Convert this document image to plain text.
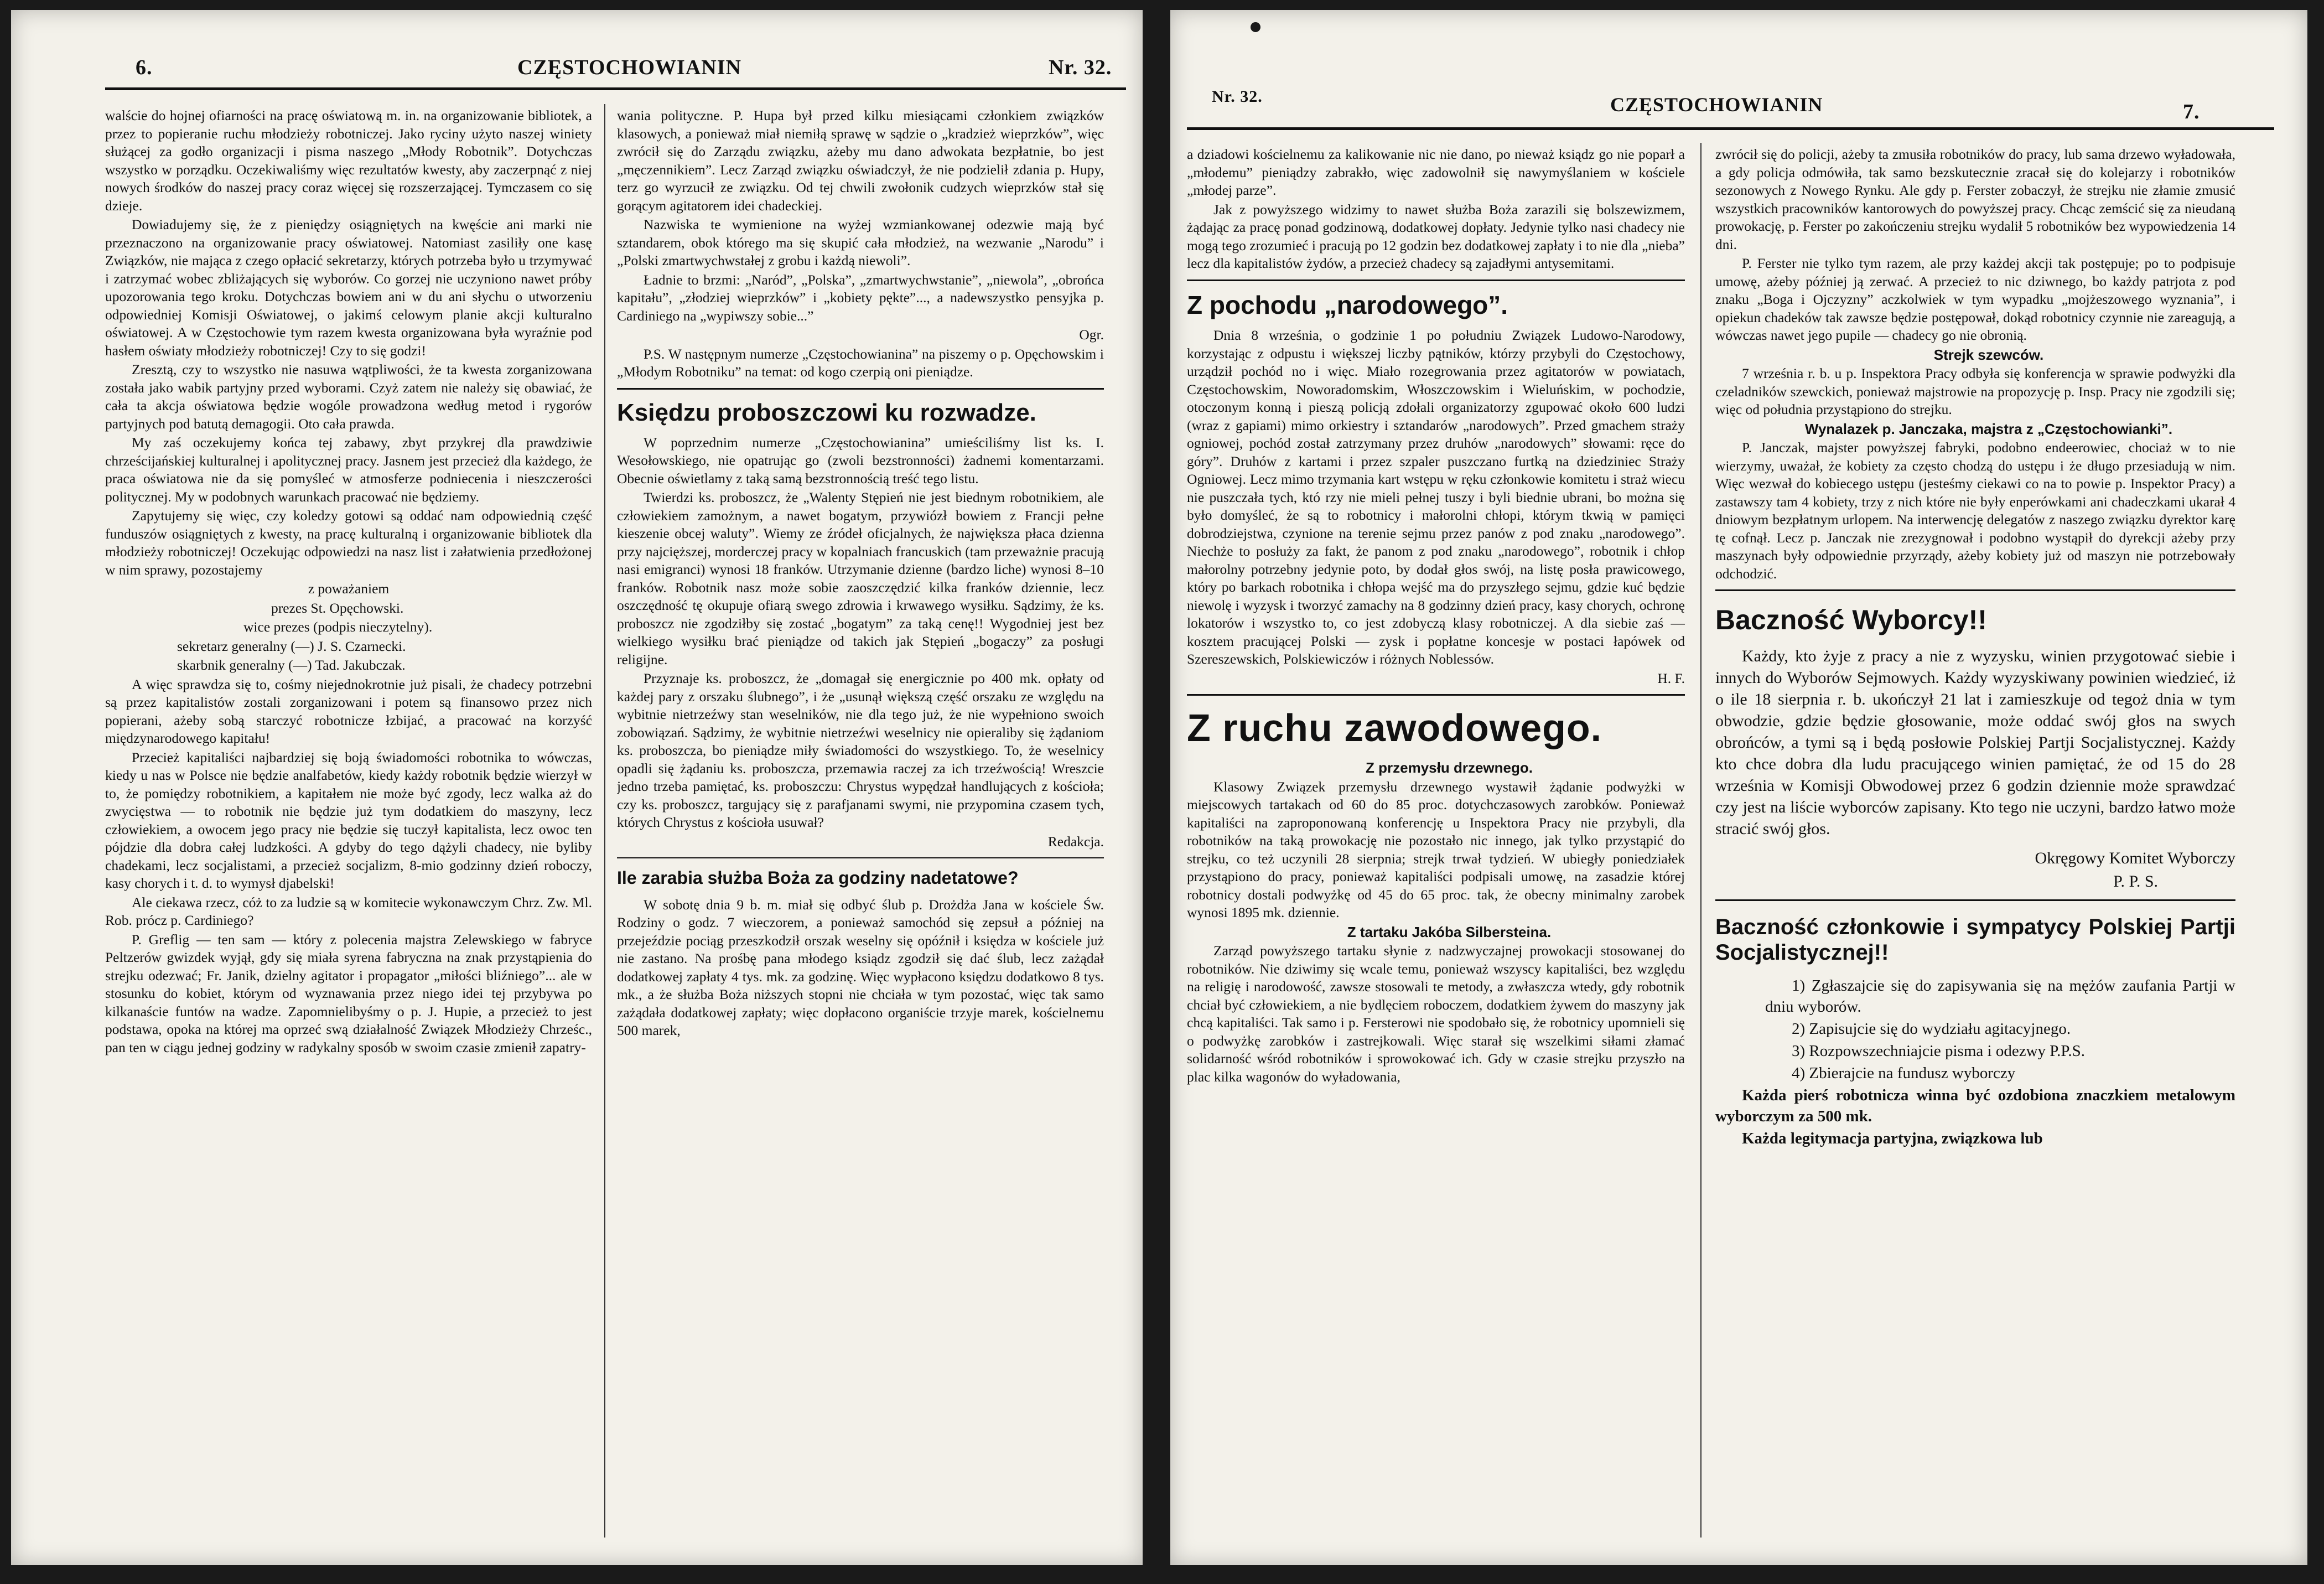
6.	CZĘSTOCHOWIANIN	Nr. 32.

walście do hojnej ofiarności na pracę oświatową m. in. na organizowanie bibliotek, a przez to popieranie ruchu młodzieży robotniczej. Jako ryciny użyto naszej winiety służącej za godło organizacji i pisma naszego „Młody Robotnik”. Dotychczas wszystko w porządku. Oczekiwaliśmy więc rezultatów kwesty, aby zaczerpnąć z niej nowych środków do naszej pracy coraz więcej się rozszerzającej. Tymczasem co się dzieje.

Dowiadujemy się, że z pieniędzy osiągniętych na kwęście ani marki nie przeznaczono na organizowanie pracy oświatowej. Natomiast zasiliły one kasę Związków, nie mająca z czego opłacić sekretarzy, których potrzeba było u trzymywać i zatrzymać wobec zbliżających się wyborów. Co gorzej nie uczyniono nawet próby upozorowania tego kroku. Dotychczas bowiem ani w du ani słychu o utworzeniu odpowiedniej Komisji Oświatowej, o jakimś celowym planie akcji kulturalno oświatowej. A w Częstochowie tym razem kwesta organizowana była wyraźnie pod hasłem oświaty młodzieży robotniczej! Czy to się godzi!

Zresztą, czy to wszystko nie nasuwa wątpliwości, że ta kwesta zorganizowana została jako wabik partyjny przed wyborami. Czyż zatem nie należy się obawiać, że cała ta akcja oświatowa będzie wogóle prowadzona według metod i rygorów partyjnych pod batutą demagogii. Oto cała prawda.

My zaś oczekujemy końca tej zabawy, zbyt przykrej dla prawdziwie chrześcijańskiej kulturalnej i apolitycznej pracy. Jasnem jest przecież dla każdego, że praca oświatowa nie da się pomyśleć w atmosferze podniecenia i nieszczerości politycznej. My w podobnych warunkach pracować nie będziemy.

Zapytujemy się więc, czy koledzy gotowi są oddać nam odpowiednią część funduszów osiągniętych z kwesty, na pracę kulturalną i organizowanie bibliotek dla młodzieży robotniczej! Oczekując odpowiedzi na nasz list i załatwienia przedłożonej w nim sprawy, pozostajemy

z poważaniem

prezes St. Opęchowski.

wice prezes (podpis nieczytelny).

sekretarz generalny (—) J. S. Czarnecki.

skarbnik generalny (—) Tad. Jakubczak.

A więc sprawdza się to, cośmy niejednokrotnie już pisali, że chadecy potrzebni są przez kapitalistów zostali zorganizowani i potem są finansowo przez nich popierani, ażeby sobą starczyć robotnicze łzbijać, a pracować na korzyść międzynarodowego kapitału!

Przecież kapitaliści najbardziej się boją świadomości robotnika to wówczas, kiedy u nas w Polsce nie będzie analfabetów, kiedy każdy robotnik będzie wierzył w to, że pomiędzy robotnikiem, a kapitałem nie może być zgody, lecz walka aż do zwycięstwa — to robotnik nie będzie już tym dodatkiem do maszyny, lecz człowiekiem, a owocem jego pracy nie będzie się tuczył kapitalista, lecz owoc ten pójdzie dla dobra całej ludzkości. A gdyby do tego dążyli chadecy, nie byliby chadekami, lecz socjalistami, a przecież socjalizm, 8-mio godzinny dzień roboczy, kasy chorych i t. d. to wymysł djabelski!

Ale ciekawa rzecz, cóż to za ludzie są w komitecie wykonawczym Chrz. Zw. Ml. Rob. prócz p. Cardiniego?

P. Greflig — ten sam — który z polecenia majstra Zelewskiego w fabryce Peltzerów gwizdek wyjął, gdy się miała syrena fabryczna na znak przystąpienia do strejku odezwać; Fr. Janik, dzielny agitator i propagator „miłości bliźniego”... ale w stosunku do kobiet, którym od wyznawania przez niego idei tej przybywa po kilkanaście funtów na wadze. Zapomnielibyśmy o p. J. Hupie, a przecież to jest podstawa, opoka na której ma oprzeć swą działalność Związek Młodzieży Chrześc., pan ten w ciągu jednej godziny w radykalny sposób w swoim czasie zmienił zapatry-

wania polityczne. P. Hupa był przed kilku miesiącami członkiem związków klasowych, a ponieważ miał niemiłą sprawę w sądzie o „kradzież wieprzków”, więc zwrócił się do Zarządu związku, ażeby mu dano adwokata bezpłatnie, bo jest „męczennikiem”. Lecz Zarząd związku oświadczył, że nie podzielił zdania p. Hupy, terz go wyrzucił ze związku. Od tej chwili zwołonik cudzych wieprzków stał się gorącym agitatorem idei chadeckiej.

Nazwiska te wymienione na wyżej wzmiankowanej odezwie mają być sztandarem, obok którego ma się skupić cała młodzież, na wezwanie „Narodu” i „Polski zmartwychwstałej z grobu i każdą niewoli”.

Ładnie to brzmi: „Naród”, „Polska”, „zmartwychwstanie”, „niewola”, „obrońca kapitału”, „złodziej wieprzków” i „kobiety pękte”..., a nadewszystko pensyjka p. Cardiniego na „wypiwszy sobie...”

Ogr.

P.S. W następnym numerze „Częstochowianina” na piszemy o p. Opęchowskim i „Młodym Robotniku” na temat: od kogo czerpią oni pieniądze.

Księdzu proboszczowi ku rozwadze.

W poprzednim numerze „Częstochowianina” umieściliśmy list ks. I. Wesołowskiego, nie opatrując go (zwoli bezstronności) żadnemi komentarzami. Obecnie oświetlamy z taką samą bezstronnością treść tego listu.

Twierdzi ks. proboszcz, że „Walenty Stępień nie jest biednym robotnikiem, ale człowiekiem zamożnym, a nawet bogatym, przywiózł bowiem z Francji pełne kieszenie obcej waluty”. Wiemy ze źródeł oficjalnych, że największa płaca dzienna przy najcięższej, morderczej pracy w kopalniach francuskich (tam przeważnie pracują nasi emigranci) wynosi 18 franków. Utrzymanie dzienne (bardzo liche) wynosi 8–10 franków. Robotnik nasz może sobie zaoszczędzić kilka franków dziennie, lecz oszczędność tę okupuje ofiarą swego zdrowia i krwawego wysiłku. Sądzimy, że ks. proboszcz nie zgodziłby się zostać „bogatym” za taką cenę!! Wygodniej jest bez wielkiego wysiłku brać pieniądze od takich jak Stępień „bogaczy” za posługi religijne.

Przyznaje ks. proboszcz, że „domagał się energicznie po 400 mk. opłaty od każdej pary z orszaku ślubnego”, i że „usunął większą część orszaku ze względu na wybitnie nietrzeźwy stan weselników, nie dla tego już, że nie wypełniono swoich zobowiązań. Sądzimy, że wybitnie nietrzeźwi weselnicy nie opieraliby się żądaniom ks. proboszcza, bo pieniądze miły świadomości do wszystkiego. To, że weselnicy opadli się żądaniu ks. proboszcza, przemawia raczej za ich trzeźwością! Wreszcie jedno trzeba pamiętać, ks. proboszczu: Chrystus wypędzał handlujących z kościoła; czy ks. proboszcz, targujący się z parafjanami swymi, nie przypomina czasem tych, których Chrystus z kościoła usuwał?

Redakcja.

Ile zarabia służba Boża za godziny nadetatowe?

W sobotę dnia 9 b. m. miał się odbyć ślub p. Drożdża Jana w kościele Św. Rodziny o godz. 7 wieczorem, a ponieważ samochód się zepsuł a później na przejeździe pociąg przeszkodził orszak weselny się opóźnił i księdza w kościele już nie zastano. Na prośbę pana młodego ksiądz zgodził się dać ślub, lecz zażądał dodatkowej zapłaty 4 tys. mk. za godzinę. Więc wypłacono księdzu dodatkowo 8 tys. mk., a że służba Boża niższych stopni nie chciała w tym pozostać, więc tak samo zażądała dodatkowej zapłaty; więc dopłacono organiście trzyje marek, kościelnemu 500 marek,

Nr. 32.	CZĘSTOCHOWIANIN	7.

a dziadowi kościelnemu za kalikowanie nic nie dano, po nieważ ksiądz go nie poparł a „młodemu” pieniądzy zabrakło, więc zadowolnił się nawymyślaniem w kościele „młodej parze”.

Jak z powyższego widzimy to nawet służba Boża zarazili się bolszewizmem, żądając za pracę ponad godzinową, dodatkowej dopłaty. Jedynie tylko nasi chadecy nie mogą tego zrozumieć i pracują po 12 godzin bez dodatkowej zapłaty i to nie dla „nieba” lecz dla kapitalistów żydów, a przecież chadecy są zajadłymi antysemitami.

Z pochodu „narodowego”.

Dnia 8 września, o godzinie 1 po południu Związek Ludowo-Narodowy, korzystając z odpustu i większej liczby pątników, którzy przybyli do Częstochowy, urządził pochód no i więc. Miało rozegrowania przez agitatorów w powiatach, Częstochowskim, Noworadomskim, Włoszczowskim i Wieluńskim, w pochodzie, otoczonym konną i pieszą policją zdołali organizatorzy zgupować około 600 ludzi (wraz z gapiami) mimo orkiestry i sztandarów „narodowych”. Przed gmachem straży ogniowej, pochód został zatrzymany przez druhów „narodowych” słowami: ręce do góry”. Druhów z kartami i przez szpaler puszczano furtką na dziedziniec Straży Ogniowej. Lecz mimo trzymania kart wstępu w ręku członkowie komitetu i straż wiecu nie puszczała tych, któ rzy nie mieli pełnej tuszy i byli biednie ubrani, bo można się było domyśleć, że są to robotnicy i małorolni chłopi, którym tkwią w pamięci dobrodziejstwa, czynione na terenie sejmu przez panów z pod znaku „narodowego”. Niechże to posłuży za fakt, że panom z pod znaku „narodowego”, robotnik i chłop małorolny potrzebny jedynie poto, by dodał głos swój, na listę posła prawicowego, który po barkach robotnika i chłopa wejść ma do przyszłego sejmu, gdzie kuć będzie niewolę i wyzysk i tworzyć zamachy na 8 godzinny dzień pracy, kasy chorych, ochronę lokatorów i wszystko to, co jest zdobyczą klasy robotniczej. A dla siebie zaś — kosztem pracującej Polski — zysk i popłatne koncesje w postaci łapówek od Szereszewskich, Polskiewiczów i różnych Noblessów.

H. F.

Z ruchu zawodowego.

Z przemysłu drzewnego.

Klasowy Związek przemysłu drzewnego wystawił żądanie podwyżki w miejscowych tartakach od 60 do 85 proc. dotychczasowych zarobków. Ponieważ kapitaliści na zaproponowaną konferencję u Inspektora Pracy nie przybyli, dla robotników na taką prowokację nie pozostało nic innego, jak tylko przystąpić do strejku, co też uczynili 28 sierpnia; strejk trwał tydzień. W ubiegły poniedziałek przystąpiono do pracy, ponieważ kapitaliści podpisali umowę, na zasadzie której robotnicy dostali podwyżkę od 45 do 65 proc. tak, że obecny minimalny zarobek wynosi 1895 mk. dziennie.

Z tartaku Jakóba Silbersteina.

Zarząd powyższego tartaku słynie z nadzwyczajnej prowokacji stosowanej do robotników. Nie dziwimy się wcale temu, ponieważ wszyscy kapitaliści, bez względu na religię i narodowość, zawsze stosowali te metody, a zwłaszcza wtedy, gdy robotnik chciał być człowiekiem, a nie bydlęciem roboczem, dodatkiem żywem do maszyny jak chcą kapitaliści. Tak samo i p. Fersterowi nie spodobało się, że robotnicy upomnieli się o podwyżkę zarobków i zastrejkowali. Więc starał się wszelkimi siłami złamać solidarność wśród robotników i sprowokować ich. Gdy w czasie strejku przyszło na plac kilka wagonów do wyładowania,

zwrócił się do policji, ażeby ta zmusiła robotników do pracy, lub sama drzewo wyładowała, a gdy policja odmówiła, tak samo bezskutecznie zracał się do kolejarzy i robotników sezonowych z Nowego Rynku. Ale gdy p. Ferster zobaczył, że strejku nie złamie zmusić wszystkich pracowników kantorowych do powyższej pracy. Chcąc zemścić się za nieudaną prowokację, p. Ferster po zakończeniu strejku wydalił 5 robotników bez wypowiedzenia 14 dni.

P. Ferster nie tylko tym razem, ale przy każdej akcji tak postępuje; po to podpisuje umowę, ażeby później ją zerwać. A przecież to nic dziwnego, bo każdy patrjota z pod znaku „Boga i Ojczyzny” aczkolwiek w tym wypadku „mojżeszowego wyznania”, i opiekun chadeków tak zawsze będzie postępował, dokąd robotnicy czynnie nie zareagują, a wówczas nawet jego pupile — chadecy go nie obronią.

Strejk szewców.

7 września r. b. u p. Inspektora Pracy odbyła się konferencja w sprawie podwyżki dla czeladników szewckich, ponieważ majstrowie na propozycję p. Insp. Pracy nie zgodzili się; więc od południa przystąpiono do strejku.

Wynalazek p. Janczaka, majstra z „Częstochowianki”.

P. Janczak, majster powyższej fabryki, podobno endeerowiec, chociaż w to nie wierzymy, uważał, że kobiety za często chodzą do ustępu i że długo przesiadują w nim. Więc wezwał do kobiecego ustępu (jesteśmy ciekawi co na to powie p. Inspektor Pracy) a zastawszy tam 4 kobiety, trzy z nich które nie były enperówkami ani chadeczkami ukarał 4 dniowym bezpłatnym urlopem. Na interwencję delegatów z naszego związku dyrektor karę tę cofnął. Lecz p. Janczak nie zrezygnował i podobno wystąpił do dyrekcji ażeby przy maszynach były odpowiednie przyrządy, ażeby kobiety już od maszyn nie potrzebowały odchodzić.

Baczność Wyborcy!!

Każdy, kto żyje z pracy a nie z wyzysku, winien przygotować siebie i innych do Wyborów Sejmowych. Każdy wyzyskiwany powinien wiedzieć, iż o ile 18 sierpnia r. b. ukończył 21 lat i zamieszkuje od tegoż dnia w tym obwodzie, gdzie będzie głosowanie, może oddać swój głos na swych obrońców, a tymi są i będą posłowie Polskiej Partji Socjalistycznej. Każdy kto chce dobra dla ludu pracującego winien pamiętać, że od 15 do 28 września w Komisji Obwodowej przez 6 godzin dziennie może sprawdzać czy jest na liście wyborców zapisany. Kto tego nie uczyni, bardzo łatwo może stracić swój głos.

Okręgowy Komitet Wyborczy

P. P. S.

Baczność członkowie i sympatycy Polskiej Partji Socjalistycznej!!

1) Zgłaszajcie się do zapisywania się na mężów zaufania Partji w dniu wyborów.

2) Zapisujcie się do wydziału agitacyjnego.

3) Rozpowszechniajcie pisma i odezwy P.P.S.

4) Zbierajcie na fundusz wyborczy

Każda pierś robotnicza winna być ozdobiona znaczkiem metalowym wyborczym za 500 mk.

Każda legitymacja partyjna, związkowa lub
